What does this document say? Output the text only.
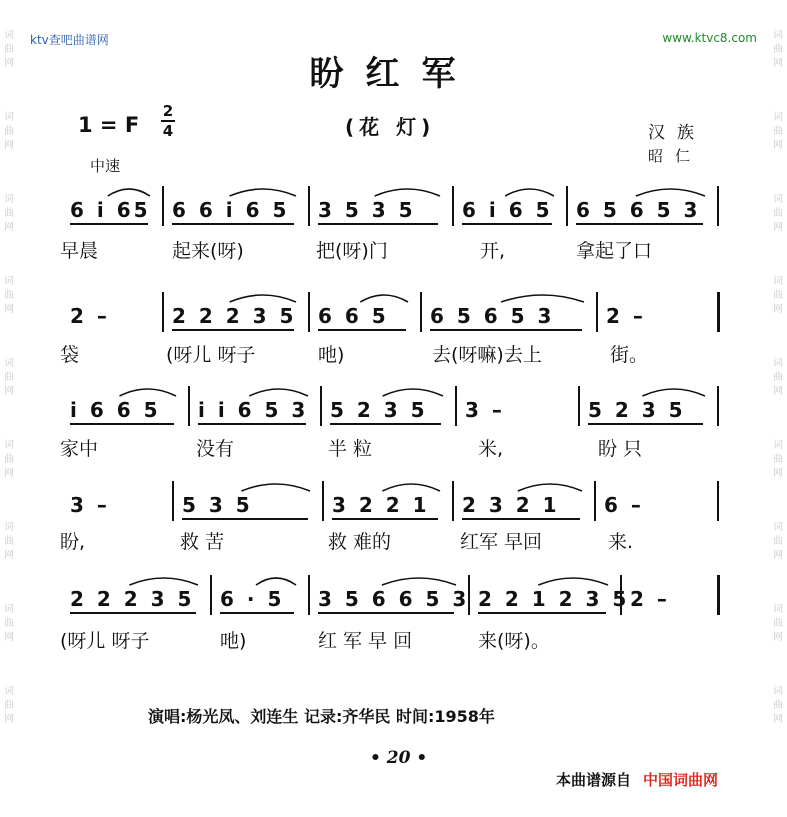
词
曲
网
词
曲
网
词
曲
网
词
曲
网
词
曲
网
词
曲
网
词
曲
网
词
曲
网
词
曲
网
词
曲
网
词
曲
网
词
曲
网
词
曲
网
词
曲
网
词
曲
网
词
曲
网
词
曲
网
词
曲
网
ktv查吧曲谱网	www.ktvc8.com
盼红军
1 = F
2
4	(花 灯)	汉族
昭仁
中速
6 i 65 6 6 i 6 5 3 5 3 5 6 i 6 5 6 5 6 5 3
早晨	起来(呀)	把(呀)门	开,	拿起了口
2 –	2 2 2 3 5 6 6 5 6 5 6 5 3	2 –
袋	(呀儿 呀子	吔)	去(呀嘛)去上	街。
i 6 6 5 i i 6 5 3 5 2 3 5 3 –	5 2 3 5
家中	没有	半 粒	米,	盼 只
3 –	5 3 5	3 2 2 1 2 3 2 1 6 –
盼,	救 苦	救 难的	红军 早回	来.
2 2 2 3 5 6 · 5 3 5 6 6 5 3 2 2 1 2 3 5 2 –
(呀儿 呀子	吔)	红 军 早 回	来(呀)。
演唱:杨光凤、刘连生 记录:齐华民 时间:1958年
• 20 •
本曲谱源自 中国词曲网
